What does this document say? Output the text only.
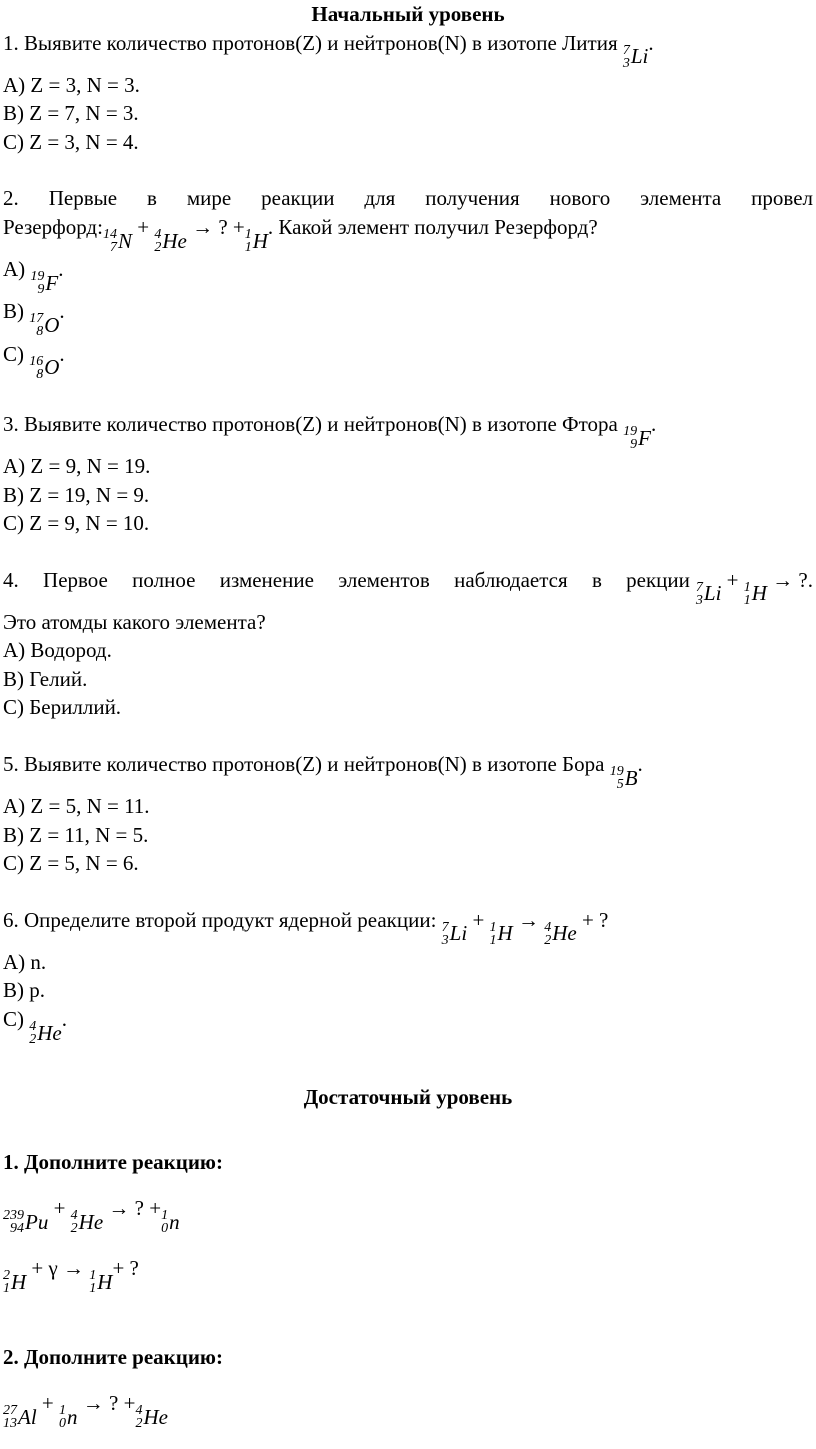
Начальный уровень
1. Выявите количество протонов(Z) и нейтронов(N) в изотопе Лития 7
3 Li
.
A) Z = 3, N = 3.
B) Z = 7, N = 3.
C) Z = 3, N = 4.
2. Первые в мире реакции для получения нового элемента провел
Резерфорд: 14
7 N
+ 4
2 He
→ ? + 1
1 H
. Какой элемент получил Резерфорд?
A) 19
9 F
.
B) 17
8 O
.
C) 16
8 O
.
3. Выявите количество протонов(Z) и нейтронов(N) в изотопе Фтора 19
9 F
.
A) Z = 9, N = 19.
B) Z = 19, N = 9.
C) Z = 9, N = 10.
4. Первое полное изменение элементов наблюдается в рекции 7
3 Li
+ 1
1 H
→ ?.
Это атомды какого элемента?
A) Водород.
B) Гелий.
C) Бериллий.
5. Выявите количество протонов(Z) и нейтронов(N) в изотопе Бора 19
5 B
.
A) Z = 5, N = 11.
B) Z = 11, N = 5.
C) Z = 5, N = 6.
6. Определите второй продукт ядерной реакции: 7
3 Li
+ 1
1 H
→ 4
2 He
+ ?
A) n.
B) p.
C) 4
2 He
.
Достаточный уровень
1. Дополните реакцию:
239
94 Pu
+ 4
2 He
→ ? + 1
0 n
2
1 H
+ γ → 1
1 H
+ ?
2. Дополните реакцию:
27
13 Al
+ 1
0 n
→ ? + 4
2 He
